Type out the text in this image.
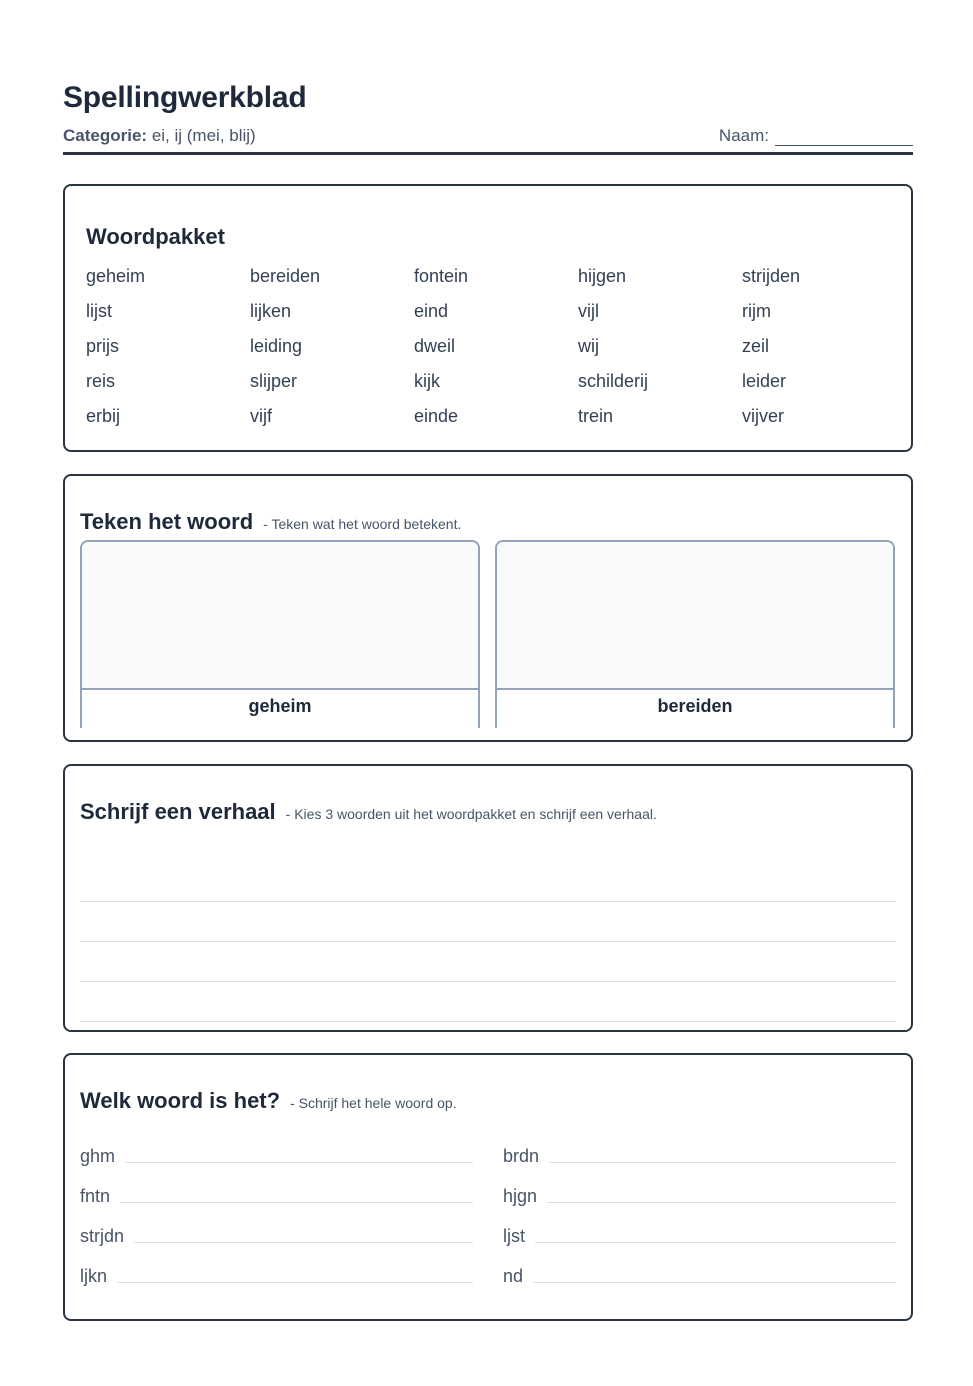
Spellingwerkblad
Categorie: ei, ij (mei, blij)	Naam:
Woordpakket
geheim	bereiden	fontein	hijgen	strijden
lijst	lijken	eind	vijl	rijm
prijs	leiding	dweil	wij	zeil
reis	slijper	kijk	schilderij	leider
erbij	vijf	einde	trein	vijver
Teken het woord - Teken wat het woord betekent.
geheim	bereiden
Schrijf een verhaal - Kies 3 woorden uit het woordpakket en schrijf een verhaal.
Welk woord is het? - Schrijf het hele woord op.
ghm
fntn
strjdn
ljkn
brdn
hjgn
ljst
nd
